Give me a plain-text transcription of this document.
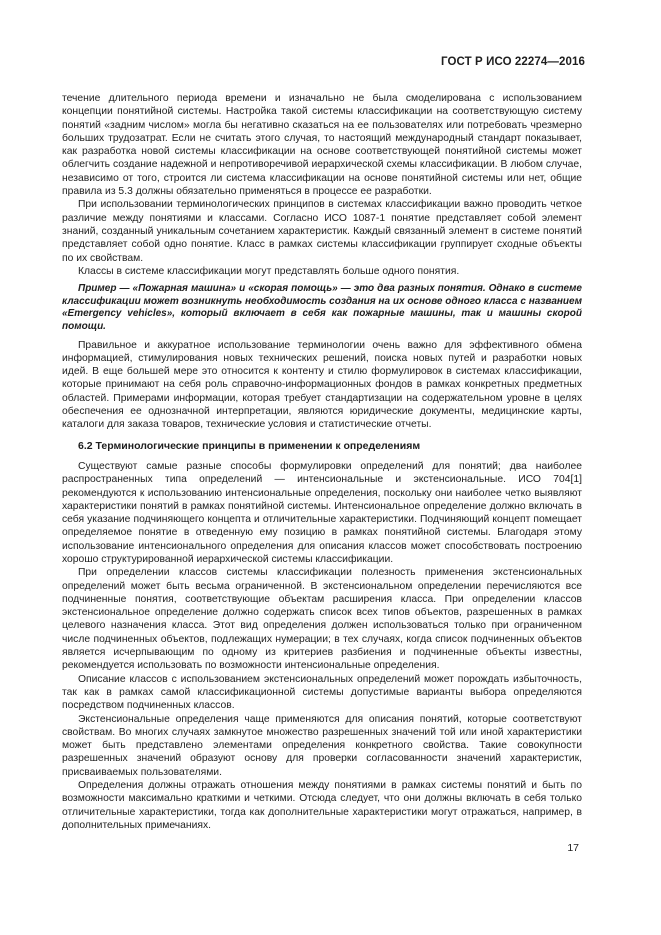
ГОСТ Р ИСО 22274—2016

течение длительного периода времени и изначально не была смоделирована с использованием концепции понятийной системы. Настройка такой системы классификации на соответствующую систему понятий «задним числом» могла бы негативно сказаться на ее пользователях или потребовать чрезмерно больших трудозатрат. Если не считать этого случая, то настоящий международный стандарт показывает, как разработка новой системы классификации на основе соответствующей понятийной системы может облегчить создание надежной и непротиворечивой иерархической схемы классификации. В любом случае, независимо от того, строится ли система классификации на основе понятийной системы или нет, общие правила из 5.3 должны обязательно применяться в процессе ее разработки.

При использовании терминологических принципов в системах классификации важно проводить четкое различие между понятиями и классами. Согласно ИСО 1087-1 понятие представляет собой элемент знаний, созданный уникальным сочетанием характеристик. Каждый связанный элемент в системе понятий представляет собой одно понятие. Класс в рамках системы классификации группирует сходные объекты по их свойствам.

Классы в системе классификации могут представлять больше одного понятия.

Пример — «Пожарная машина» и «скорая помощь» — это два разных понятия. Однако в системе классификации может возникнуть необходимость создания на их основе одного класса с названием «Emergency vehicles», который включает в себя как пожарные машины, так и машины скорой помощи.

Правильное и аккуратное использование терминологии очень важно для эффективного обмена информацией, стимулирования новых технических решений, поиска новых путей и разработки новых идей. В еще большей мере это относится к контенту и стилю формулировок в системах классификации, которые принимают на себя роль справочно-информационных фондов в рамках конкретных предметных областей. Примерами информации, которая требует стандартизации на содержательном уровне в целях обеспечения ее однозначной интерпретации, являются юридические документы, медицинские карты, каталоги для заказа товаров, технические условия и статистические отчеты.

6.2 Терминологические принципы в применении к определениям

Существуют самые разные способы формулировки определений для понятий; два наиболее распространенных типа определений — интенсиональные и экстенсиональные. ИСО 704[1] рекомендуются к использованию интенсиональные определения, поскольку они наиболее четко выявляют характеристики понятий в рамках понятийной системы. Интенсиональное определение должно включать в себя указание подчиняющего концепта и отличительные характеристики. Подчиняющий концепт помещает определяемое понятие в отведенную ему позицию в рамках понятийной системы. Благодаря этому использование интенсионального определения для описания классов может способствовать построению хорошо структурированной иерархической системы классификации.

При определении классов системы классификации полезность применения экстенсиональных определений может быть весьма ограниченной. В экстенсиональном определении перечисляются все подчиненные понятия, соответствующие объектам расширения класса. При определении классов экстенсиональное определение должно содержать список всех типов объектов, разрешенных в рамках целевого назначения класса. Этот вид определения должен использоваться только при ограниченном числе подчиненных объектов, подлежащих нумерации; в тех случаях, когда список подчиненных объектов является исчерпывающим по одному из критериев разбиения и подчиненные объекты известны, рекомендуется использовать по возможности интенсиональные определения.

Описание классов с использованием экстенсиональных определений может порождать избыточность, так как в рамках самой классификационной системы допустимые варианты выбора определяются посредством подчиненных классов.

Экстенсиональные определения чаще применяются для описания понятий, которые соответствуют свойствам. Во многих случаях замкнутое множество разрешенных значений той или иной характеристики может быть представлено элементами определения конкретного свойства. Такие совокупности разрешенных значений образуют основу для проверки согласованности значений характеристик, присваиваемых пользователями.

Определения должны отражать отношения между понятиями в рамках системы понятий и быть по возможности максимально краткими и четкими. Отсюда следует, что они должны включать в себя только отличительные характеристики, тогда как дополнительные характеристики могут отражаться, например, в дополнительных примечаниях.

17
